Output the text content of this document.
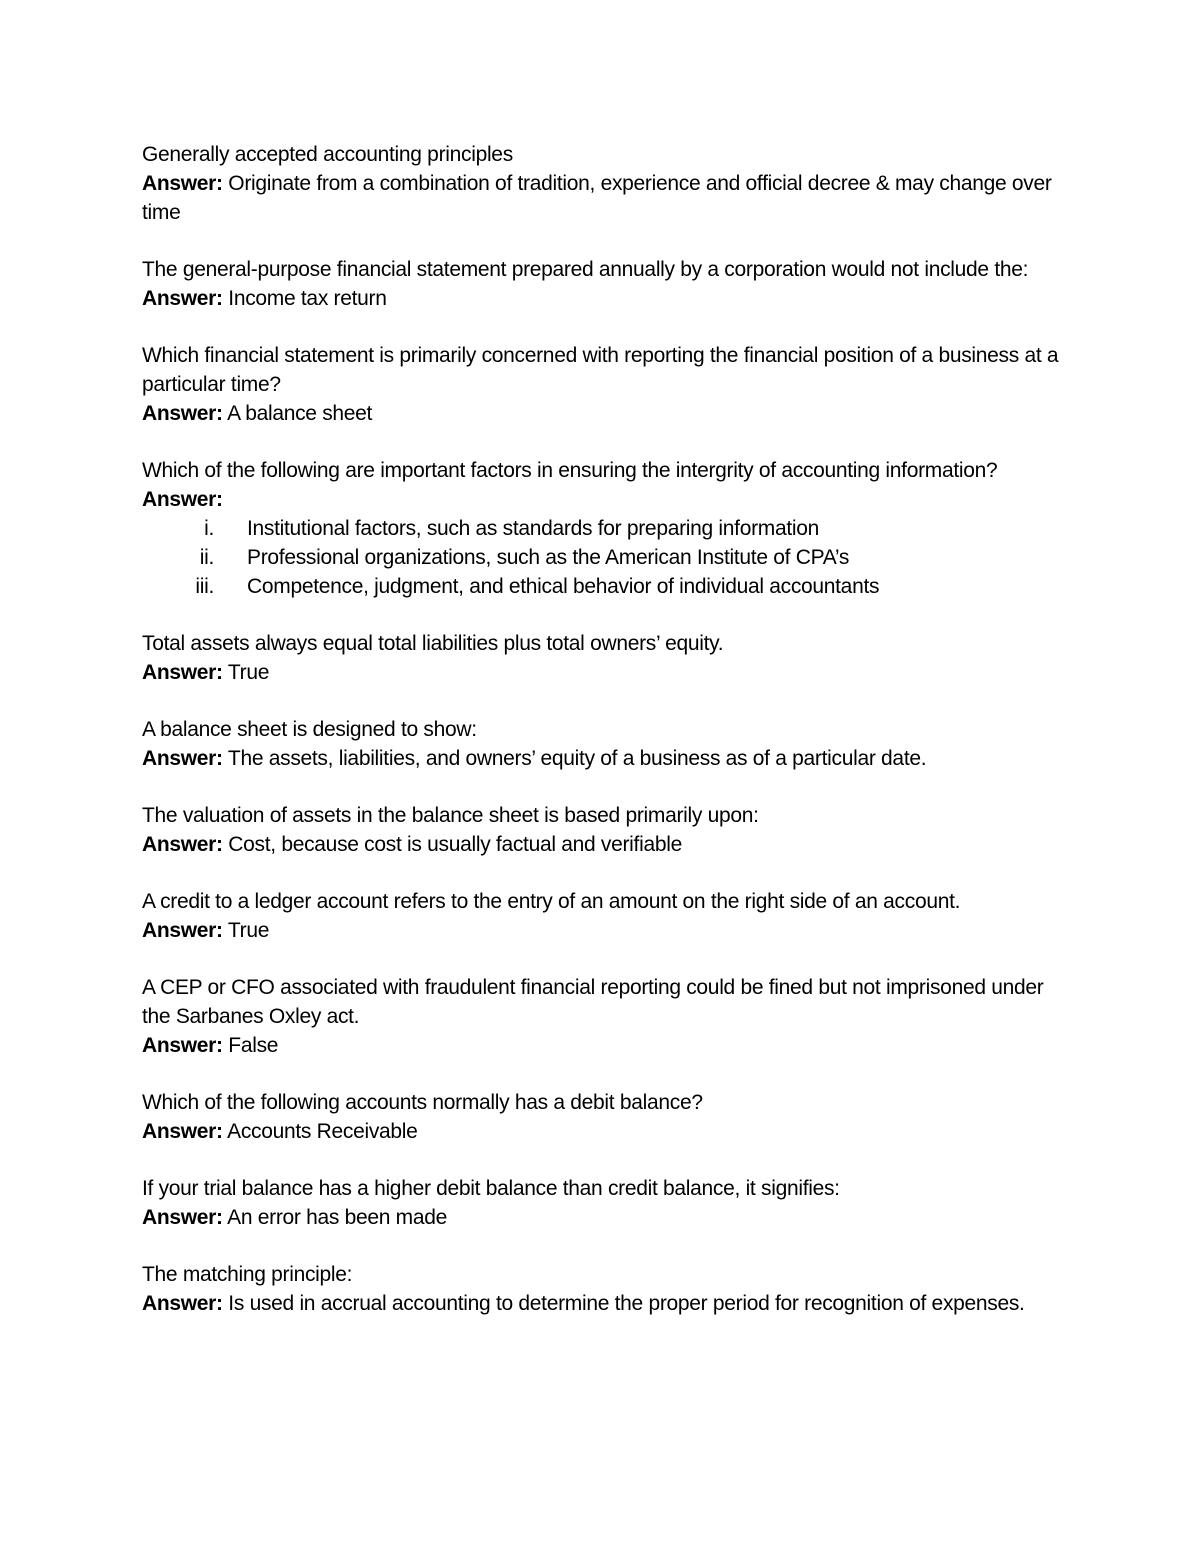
Generally accepted accounting principles

Answer: Originate from a combination of tradition, experience and official decree & may change over time

The general-purpose financial statement prepared annually by a corporation would not include the:

Answer: Income tax return

Which financial statement is primarily concerned with reporting the financial position of a business at a particular time?

Answer: A balance sheet

Which of the following are important factors in ensuring the intergrity of accounting information?

Answer:

i.	Institutional factors, such as standards for preparing information
ii.	Professional organizations, such as the American Institute of CPA’s
iii.	Competence, judgment, and ethical behavior of individual accountants

Total assets always equal total liabilities plus total owners’ equity.

Answer: True

A balance sheet is designed to show:

Answer: The assets, liabilities, and owners’ equity of a business as of a particular date.

The valuation of assets in the balance sheet is based primarily upon:

Answer: Cost, because cost is usually factual and verifiable

A credit to a ledger account refers to the entry of an amount on the right side of an account.

Answer: True

A CEP or CFO associated with fraudulent financial reporting could be fined but not imprisoned under the Sarbanes Oxley act.

Answer: False

Which of the following accounts normally has a debit balance?

Answer: Accounts Receivable

If your trial balance has a higher debit balance than credit balance, it signifies:

Answer: An error has been made

The matching principle:

Answer: Is used in accrual accounting to determine the proper period for recognition of expenses.
